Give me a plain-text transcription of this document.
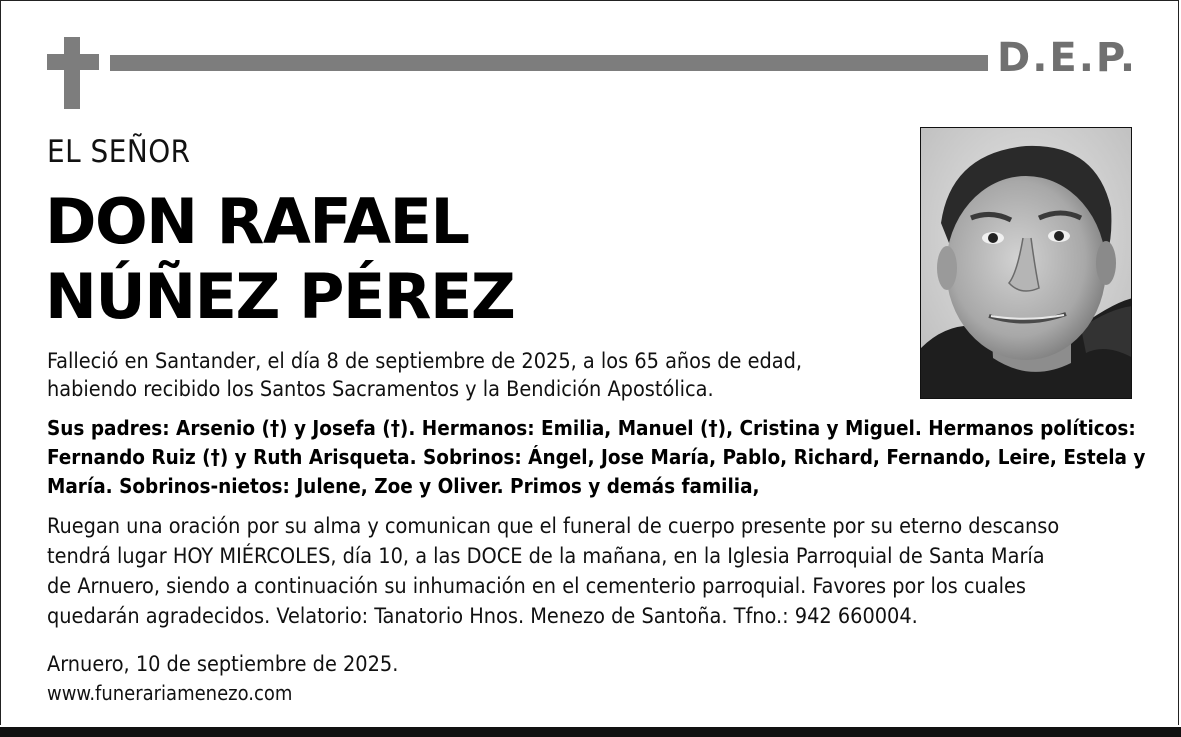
D.E.P.
EL SEÑOR
DON RAFAEL
NÚÑEZ PÉREZ
Falleció en Santander, el día 8 de septiembre de 2025, a los 65 años de edad,
habiendo recibido los Santos Sacramentos y la Bendición Apostólica.
Sus padres: Arsenio (†) y Josefa (†). Hermanos: Emilia, Manuel (†), Cristina y Miguel. Hermanos políticos:
Fernando Ruiz (†) y Ruth Arisqueta. Sobrinos: Ángel, Jose María, Pablo, Richard, Fernando, Leire, Estela y
María. Sobrinos-nietos: Julene, Zoe y Oliver. Primos y demás familia,
Ruegan una oración por su alma y comunican que el funeral de cuerpo presente por su eterno descanso
tendrá lugar HOY MIÉRCOLES, día 10, a las DOCE de la mañana, en la Iglesia Parroquial de Santa María
de Arnuero, siendo a continuación su inhumación en el cementerio parroquial. Favores por los cuales
quedarán agradecidos. Velatorio: Tanatorio Hnos. Menezo de Santoña. Tfno.: 942 660004.
Arnuero, 10 de septiembre de 2025.
www.funerariamenezo.com
